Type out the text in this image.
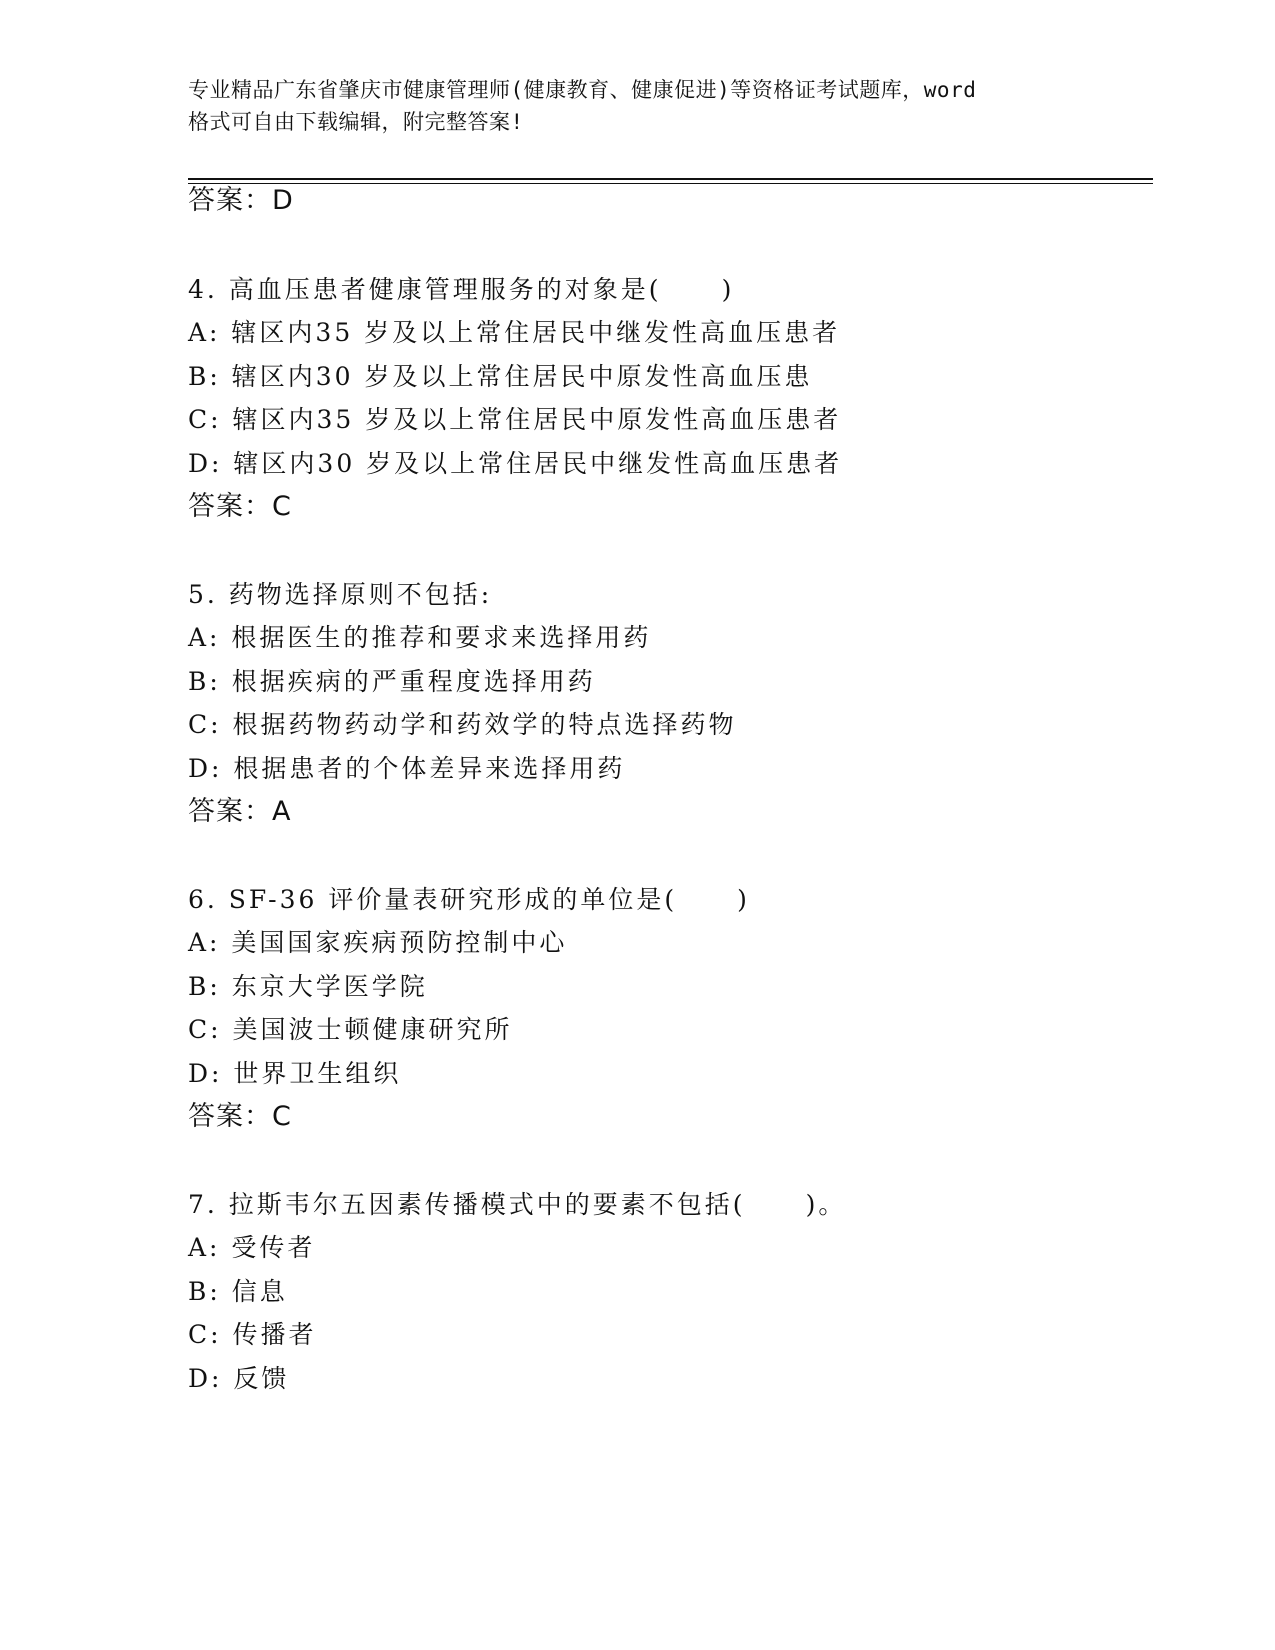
专业精品广东省肇庆市健康管理师(健康教育、健康促进)等资格证考试题库，word
格式可自由下载编辑，附完整答案!
答案：D
4. 高血压患者健康管理服务的对象是( )
A: 辖区内35 岁及以上常住居民中继发性高血压患者
B: 辖区内30 岁及以上常住居民中原发性高血压患
C: 辖区内35 岁及以上常住居民中原发性高血压患者
D: 辖区内30 岁及以上常住居民中继发性高血压患者
答案：C
5. 药物选择原则不包括:
A: 根据医生的推荐和要求来选择用药
B: 根据疾病的严重程度选择用药
C: 根据药物药动学和药效学的特点选择药物
D: 根据患者的个体差异来选择用药
答案：A
6. SF-36 评价量表研究形成的单位是( )
A: 美国国家疾病预防控制中心
B: 东京大学医学院
C: 美国波士顿健康研究所
D: 世界卫生组织
答案：C
7. 拉斯韦尔五因素传播模式中的要素不包括( )。
A: 受传者
B: 信息
C: 传播者
D: 反馈
